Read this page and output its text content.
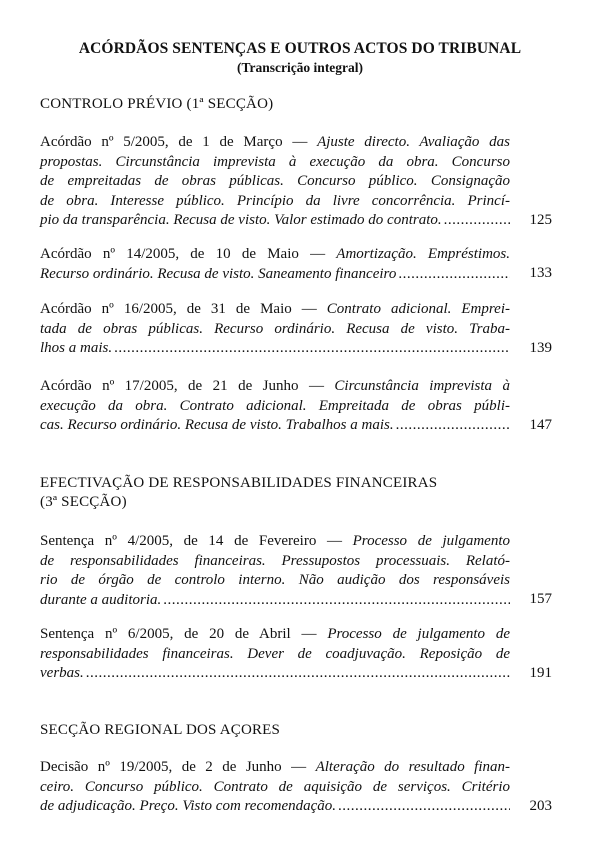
ACÓRDÃOS SENTENÇAS E OUTROS ACTOS DO TRIBUNAL
(Transcrição integral)
CONTROLO PRÉVIO (1ª SECÇÃO)
Acórdão nº 5/2005, de 1 de Março — Ajuste directo. Avaliação das
propostas. Circunstância imprevista à execução da obra. Concurso
de empreitadas de obras públicas. Concurso público. Consignação
de obra. Interesse público. Princípio da livre concorrência. Princí-
pio da transparência. Recusa de visto. Valor estimado do contrato. .....	125
Acórdão nº 14/2005, de 10 de Maio — Amortização. Empréstimos.
Recurso ordinário. Recusa de visto. Saneamento financeiro .....	133
Acórdão nº 16/2005, de 31 de Maio — Contrato adicional. Emprei-
tada de obras públicas. Recurso ordinário. Recusa de visto. Traba-
lhos a mais. .....	139
Acórdão nº 17/2005, de 21 de Junho — Circunstância imprevista à
execução da obra. Contrato adicional. Empreitada de obras públi-
cas. Recurso ordinário. Recusa de visto. Trabalhos a mais. .....	147
EFECTIVAÇÃO DE RESPONSABILIDADES FINANCEIRAS
(3ª SECÇÃO)
Sentença nº 4/2005, de 14 de Fevereiro — Processo de julgamento
de responsabilidades financeiras. Pressupostos processuais. Relató-
rio de órgão de controlo interno. Não audição dos responsáveis
durante a auditoria. .....	157
Sentença nº 6/2005, de 20 de Abril — Processo de julgamento de
responsabilidades financeiras. Dever de coadjuvação. Reposição de
verbas. .....	191
SECÇÃO REGIONAL DOS AÇORES
Decisão nº 19/2005, de 2 de Junho — Alteração do resultado finan-
ceiro. Concurso público. Contrato de aquisição de serviços. Critério
de adjudicação. Preço. Visto com recomendação. .....	203
